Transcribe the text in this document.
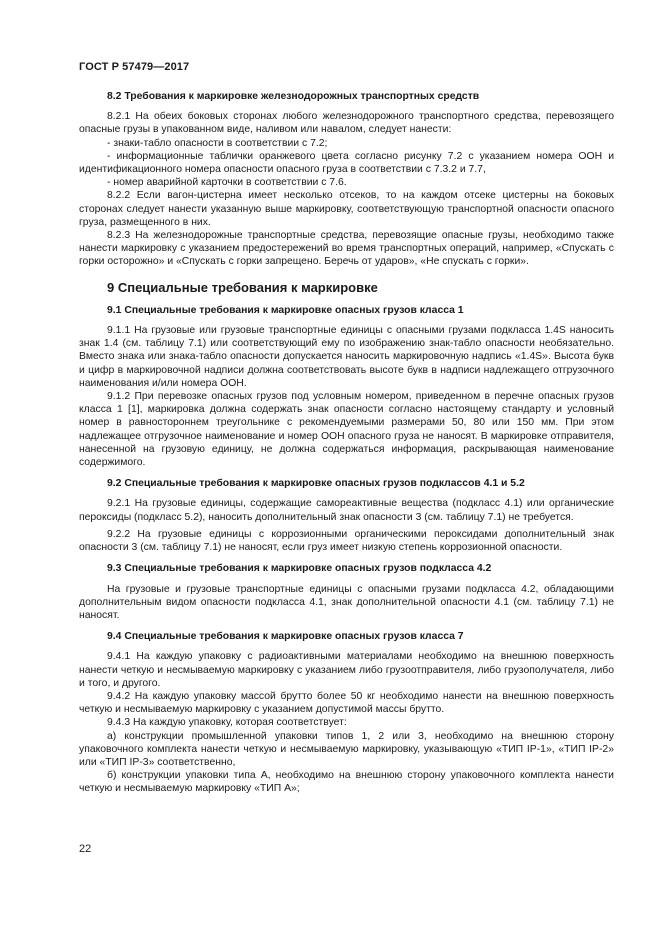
ГОСТ Р 57479—2017

8.2 Требования к маркировке железнодорожных транспортных средств

8.2.1 На обеих боковых сторонах любого железнодорожного транспортного средства, перевозящего опасные грузы в упакованном виде, наливом или навалом, следует нанести:

- знаки-табло опасности в соответствии с 7.2;

- информационные таблички оранжевого цвета согласно рисунку 7.2 с указанием номера ООН и идентификационного номера опасности опасного груза в соответствии с 7.3.2 и 7.7,

- номер аварийной карточки в соответствии с 7.6.

8.2.2 Если вагон-цистерна имеет несколько отсеков, то на каждом отсеке цистерны на боковых сторонах следует нанести указанную выше маркировку, соответствующую транспортной опасности опасного груза, размещенного в них.

8.2.3 На железнодорожные транспортные средства, перевозящие опасные грузы, необходимо также нанести маркировку с указанием предостережений во время транспортных операций, например, «Спускать с горки осторожно» и «Спускать с горки запрещено. Беречь от ударов», «Не спускать с горки».

9 Специальные требования к маркировке

9.1 Специальные требования к маркировке опасных грузов класса 1

9.1.1 На грузовые или грузовые транспортные единицы с опасными грузами подкласса 1.4S наносить знак 1.4 (см. таблицу 7.1) или соответствующий ему по изображению знак-табло опасности необязательно. Вместо знака или знака-табло опасности допускается наносить маркировочную надпись «1.4S». Высота букв и цифр в маркировочной надписи должна соответствовать высоте букв в надписи надлежащего отгрузочного наименования и/или номера ООН.

9.1.2 При перевозке опасных грузов под условным номером, приведенном в перечне опасных грузов класса 1 [1], маркировка должна содержать знак опасности согласно настоящему стандарту и условный номер в равностороннем треугольнике с рекомендуемыми размерами 50, 80 или 150 мм. При этом надлежащее отгрузочное наименование и номер ООН опасного груза не наносят. В маркировке отправителя, нанесенной на грузовую единицу, не должна содержаться информация, раскрывающая наименование содержимого.

9.2 Специальные требования к маркировке опасных грузов подклассов 4.1 и 5.2

9.2.1 На грузовые единицы, содержащие самореактивные вещества (подкласс 4.1) или органические пероксиды (подкласс 5.2), наносить дополнительный знак опасности 3 (см. таблицу 7.1) не требуется.

9.2.2 На грузовые единицы с коррозионными органическими пероксидами дополнительный знак опасности 3 (см. таблицу 7.1) не наносят, если груз имеет низкую степень коррозионной опасности.

9.3 Специальные требования к маркировке опасных грузов подкласса 4.2

На грузовые и грузовые транспортные единицы с опасными грузами подкласса 4.2, обладающими дополнительным видом опасности подкласса 4.1, знак дополнительной опасности 4.1 (см. таблицу 7.1) не наносят.

9.4 Специальные требования к маркировке опасных грузов класса 7

9.4.1 На каждую упаковку с радиоактивными материалами необходимо на внешнюю поверхность нанести четкую и несмываемую маркировку с указанием либо грузоотправителя, либо грузополучателя, либо и того, и другого.

9.4.2 На каждую упаковку массой брутто более 50 кг необходимо нанести на внешнюю поверхность четкую и несмываемую маркировку с указанием допустимой массы брутто.

9.4.3 На каждую упаковку, которая соответствует:

а) конструкции промышленной упаковки типов 1, 2 или 3, необходимо на внешнюю сторону упаковочного комплекта нанести четкую и несмываемую маркировку, указывающую «ТИП IP-1», «ТИП IP-2» или «ТИП IP-3» соответственно,

б) конструкции упаковки типа А, необходимо на внешнюю сторону упаковочного комплекта нанести четкую и несмываемую маркировку «ТИП А»;

22
